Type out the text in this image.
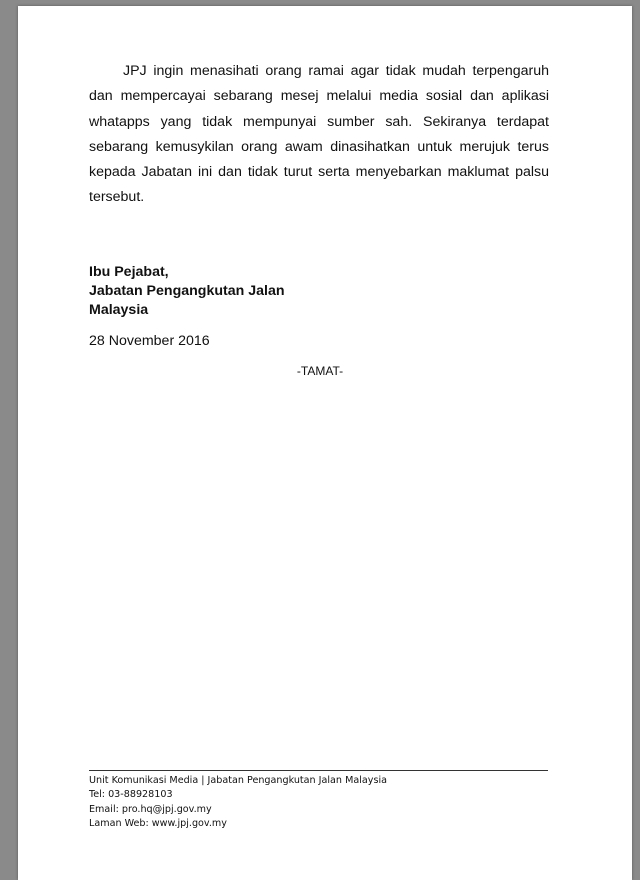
JPJ ingin menasihati orang ramai agar tidak mudah terpengaruh dan mempercayai sebarang mesej melalui media sosial dan aplikasi whatapps yang tidak mempunyai sumber sah. Sekiranya terdapat sebarang kemusykilan orang awam dinasihatkan untuk merujuk terus kepada Jabatan ini dan tidak turut serta menyebarkan maklumat palsu tersebut.

Ibu Pejabat,
Jabatan Pengangkutan Jalan
Malaysia
28 November 2016
-TAMAT-
Unit Komunikasi Media | Jabatan Pengangkutan Jalan Malaysia
Tel: 03-88928103
Email: pro.hq@jpj.gov.my
Laman Web: www.jpj.gov.my
